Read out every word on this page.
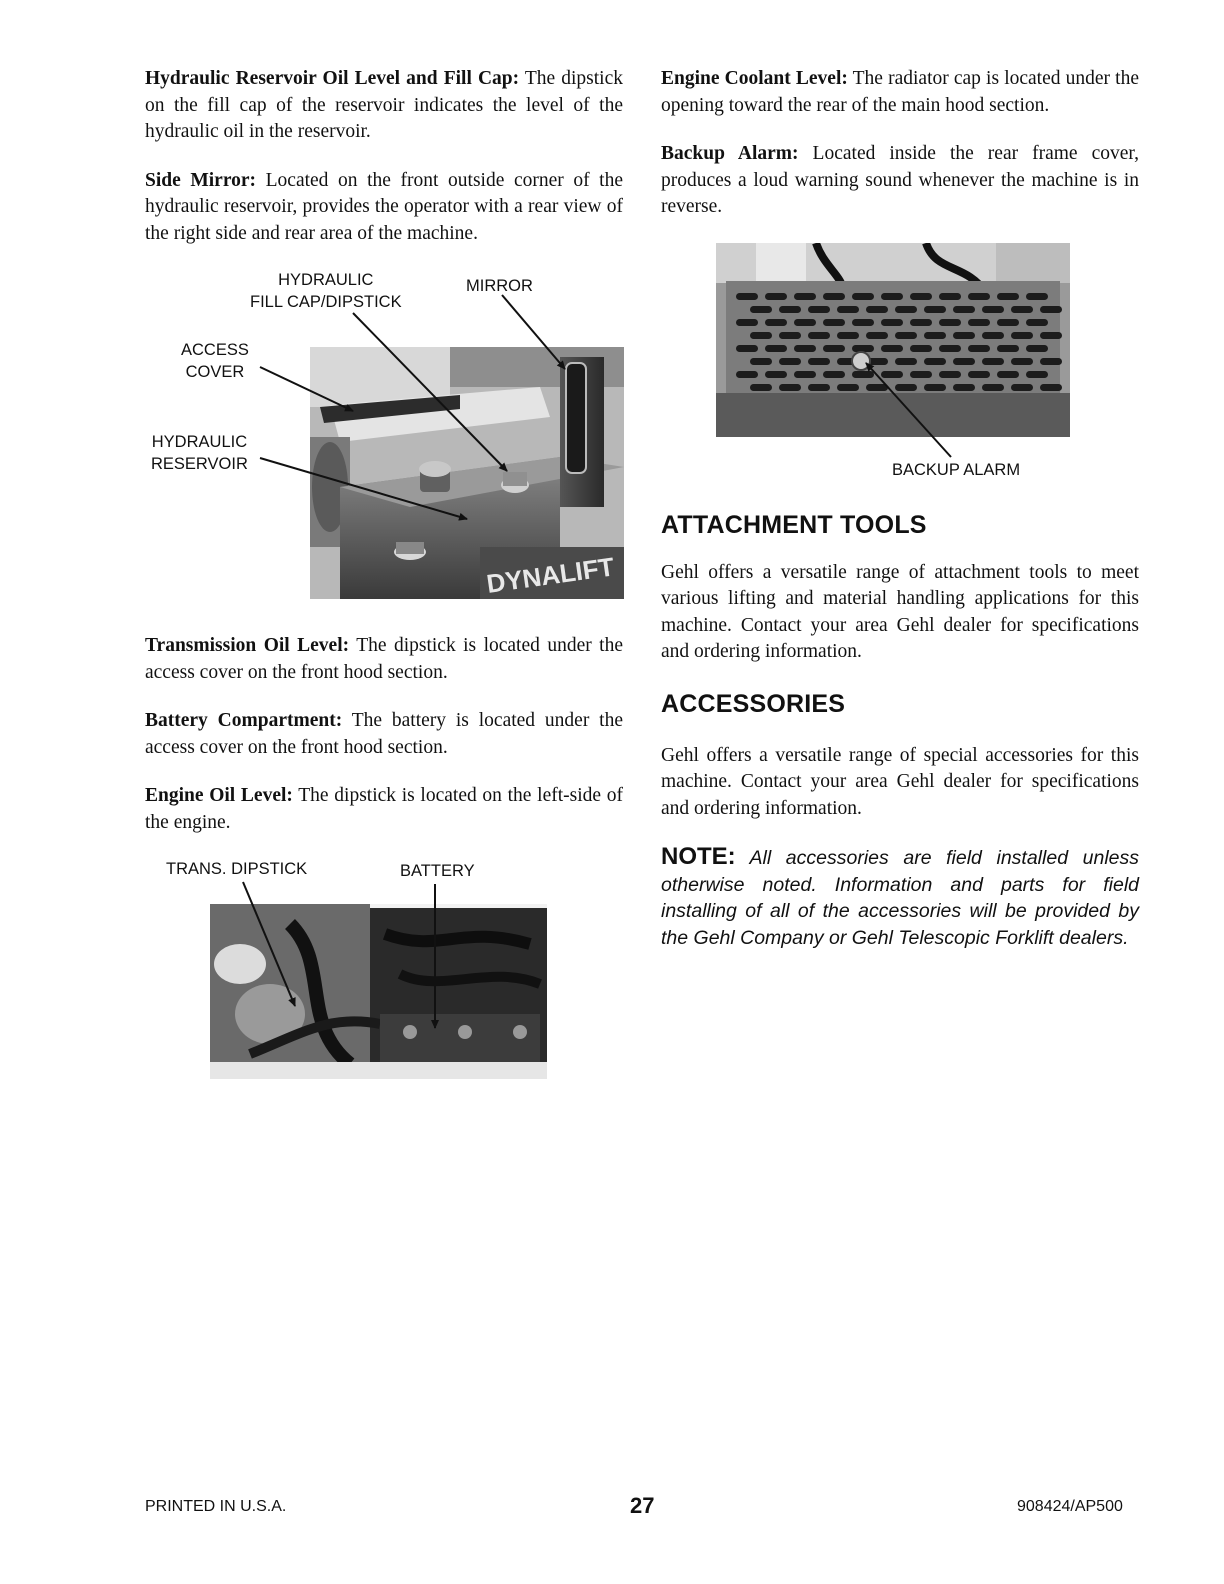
Hydraulic Reservoir Oil Level and Fill Cap: The dipstick on the fill cap of the reservoir indicates the level of the hydraulic oil in the reservoir.

Side Mirror: Located on the front outside corner of the hydraulic reservoir, provides the operator with a rear view of the right side and rear area of the machine.

HYDRAULIC
FILL CAP/DIPSTICK
MIRROR
ACCESS
COVER
HYDRAULIC
RESERVOIR
DYNALIFT

Transmission Oil Level: The dipstick is located under the access cover on the front hood section.

Battery Compartment: The battery is located under the access cover on the front hood section.

Engine Oil Level: The dipstick is located on the left-side of the engine.

TRANS. DIPSTICK	BATTERY

Engine Coolant Level: The radiator cap is located under the opening toward the rear of the main hood section.

Backup Alarm: Located inside the rear frame cover, produces a loud warning sound whenever the machine is in reverse.

BACKUP ALARM
ATTACHMENT TOOLS

Gehl offers a versatile range of attachment tools to meet various lifting and material handling applications for this machine. Contact your area Gehl dealer for specifications and ordering information.

ACCESSORIES

Gehl offers a versatile range of special accessories for this machine. Contact your area Gehl dealer for specifications and ordering information.

NOTE: All accessories are field installed unless otherwise noted. Information and parts for field installing of all of the accessories will be provided by the Gehl Company or Gehl Telescopic Forklift dealers.

PRINTED IN U.S.A.	27	908424/AP500
